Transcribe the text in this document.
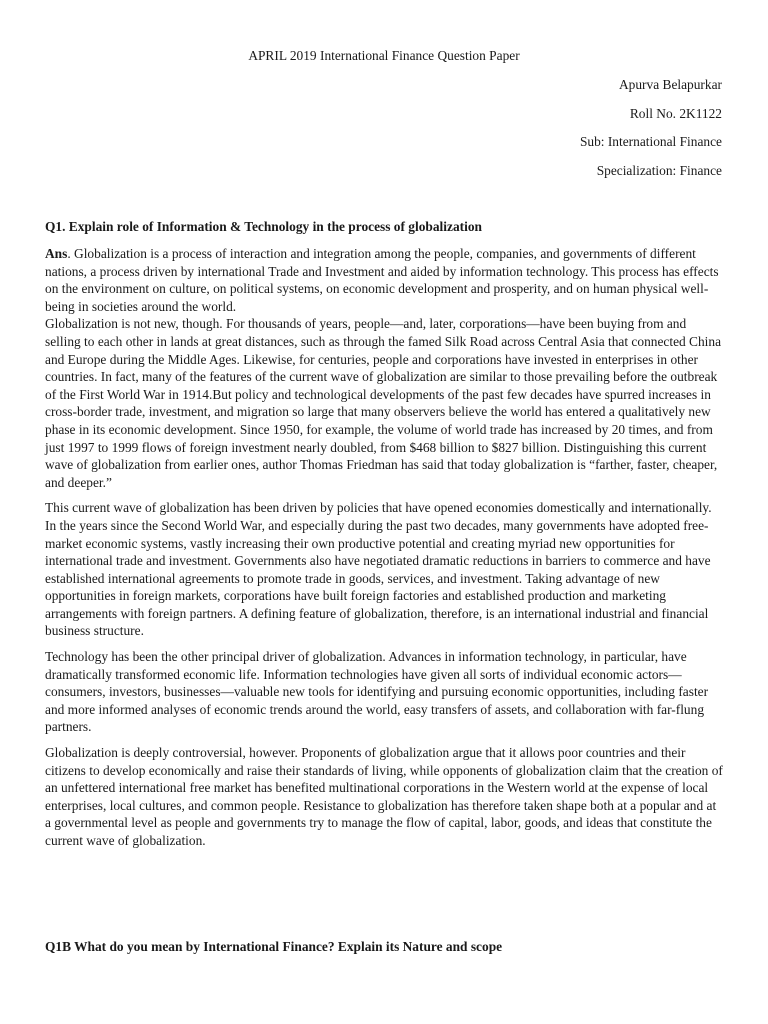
APRIL 2019 International Finance Question Paper
Apurva Belapurkar
Roll No. 2K1122
Sub: International Finance
Specialization: Finance

Q1. Explain role of Information & Technology in the process of globalization

Ans. Globalization is a process of interaction and integration among the people, companies, and governments of different nations, a process driven by international Trade and Investment and aided by information technology. This process has effects on the environment on culture, on political systems, on economic development and prosperity, and on human physical well-being in societies around the world.

Globalization is not new, though. For thousands of years, people—and, later, corporations—have been buying from and selling to each other in lands at great distances, such as through the famed Silk Road across Central Asia that connected China and Europe during the Middle Ages. Likewise, for centuries, people and corporations have invested in enterprises in other countries. In fact, many of the features of the current wave of globalization are similar to those prevailing before the outbreak of the First World War in 1914.But policy and technological developments of the past few decades have spurred increases in cross-border trade, investment, and migration so large that many observers believe the world has entered a qualitatively new phase in its economic development. Since 1950, for example, the volume of world trade has increased by 20 times, and from just 1997 to 1999 flows of foreign investment nearly doubled, from $468 billion to $827 billion. Distinguishing this current wave of globalization from earlier ones, author Thomas Friedman has said that today globalization is “farther, faster, cheaper, and deeper.”

This current wave of globalization has been driven by policies that have opened economies domestically and internationally. In the years since the Second World War, and especially during the past two decades, many governments have adopted free-market economic systems, vastly increasing their own productive potential and creating myriad new opportunities for international trade and investment. Governments also have negotiated dramatic reductions in barriers to commerce and have established international agreements to promote trade in goods, services, and investment. Taking advantage of new opportunities in foreign markets, corporations have built foreign factories and established production and marketing arrangements with foreign partners. A defining feature of globalization, therefore, is an international industrial and financial business structure.

Technology has been the other principal driver of globalization. Advances in information technology, in particular, have dramatically transformed economic life. Information technologies have given all sorts of individual economic actors—consumers, investors, businesses—valuable new tools for identifying and pursuing economic opportunities, including faster and more informed analyses of economic trends around the world, easy transfers of assets, and collaboration with far-flung partners.

Globalization is deeply controversial, however. Proponents of globalization argue that it allows poor countries and their citizens to develop economically and raise their standards of living, while opponents of globalization claim that the creation of an unfettered international free market has benefited multinational corporations in the Western world at the expense of local enterprises, local cultures, and common people. Resistance to globalization has therefore taken shape both at a popular and at a governmental level as people and governments try to manage the flow of capital, labor, goods, and ideas that constitute the current wave of globalization.

Q1B What do you mean by International Finance? Explain its Nature and scope
